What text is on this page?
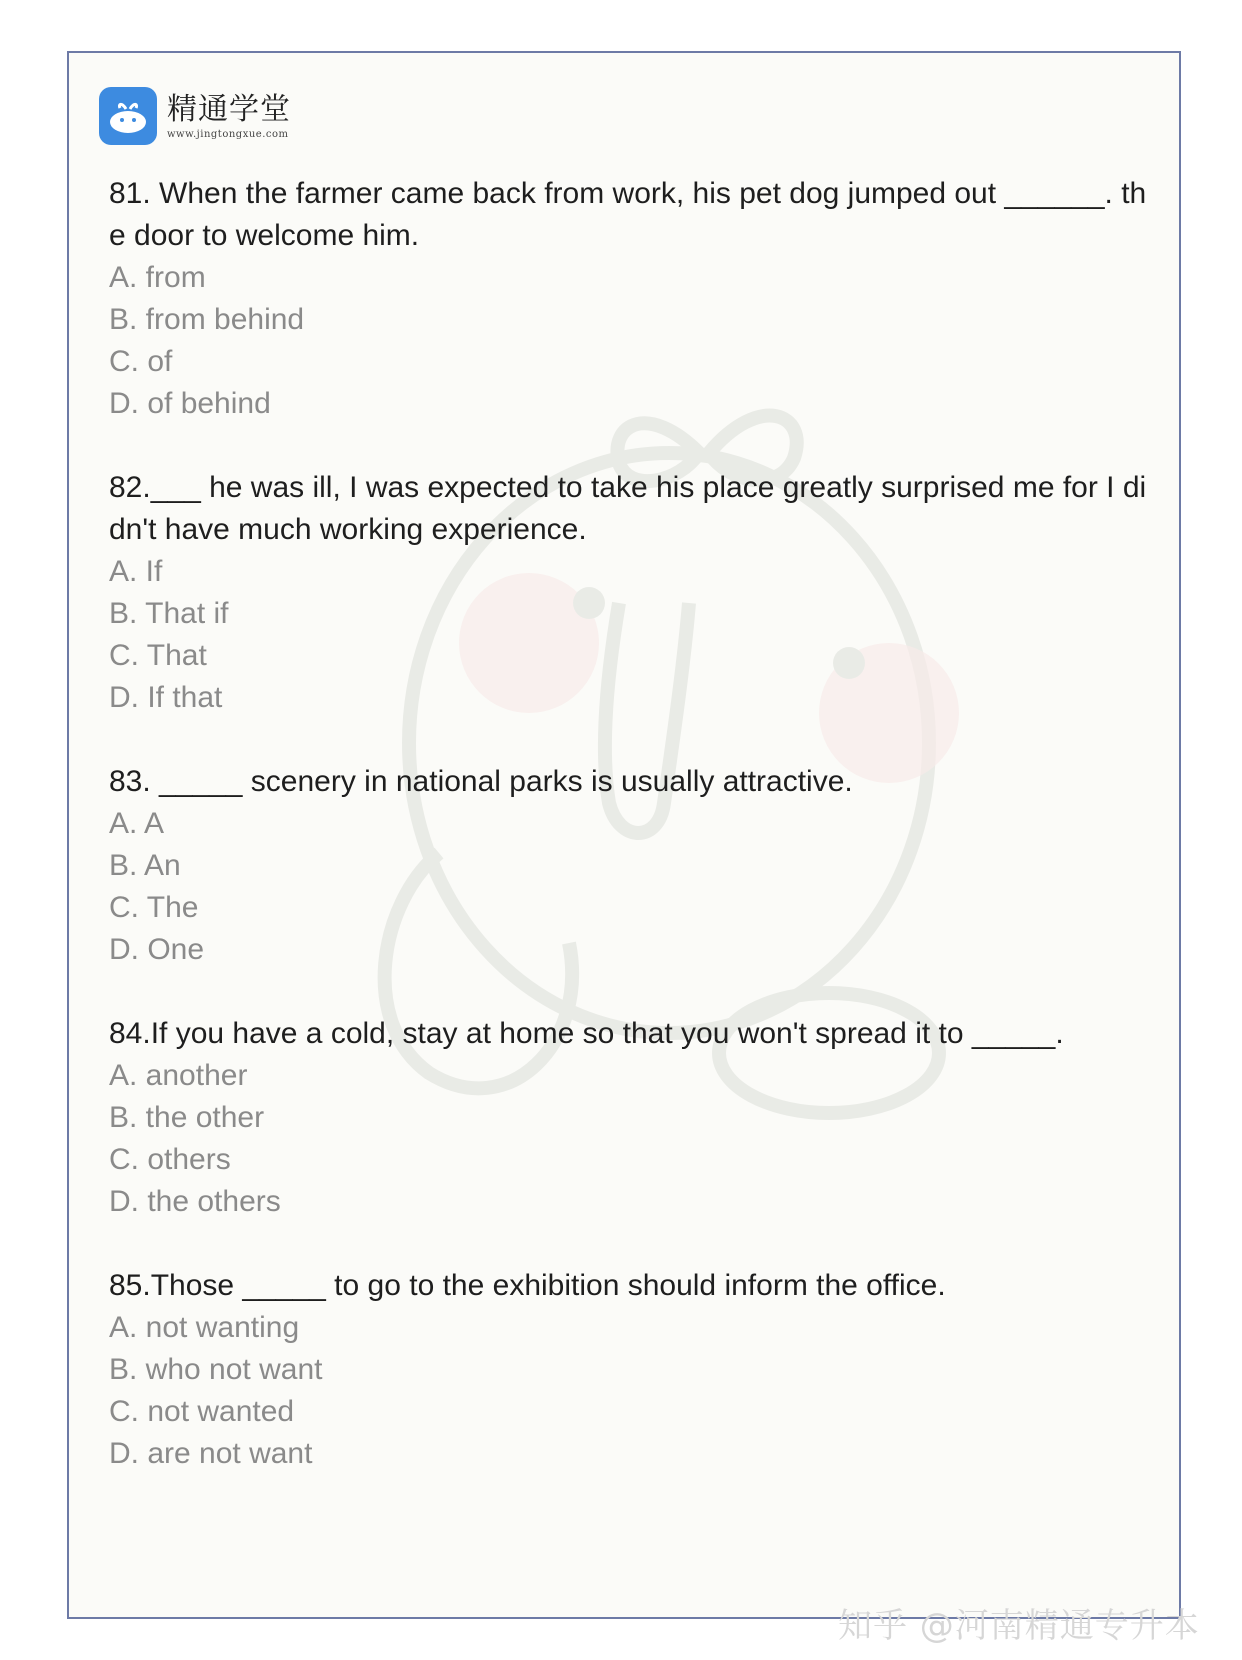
精通学堂
www.jingtongxue.com

81. When the farmer came back from work, his pet dog jumped out ______. the door to welcome him.

A. from

B. from behind

C. of

D. of behind

82.___ he was ill, I was expected to take his place greatly surprised me for I didn't have much working experience.

A. If

B. That if

C. That

D. If that

83. _____ scenery in national parks is usually attractive.

A. A

B. An

C. The

D. One

84.If you have a cold, stay at home so that you won't spread it to _____.

A. another

B. the other

C. others

D. the others

85.Those _____ to go to the exhibition should inform the office.

A. not wanting

B. who not want

C. not wanted

D. are not want

知乎 @河南精通专升本
